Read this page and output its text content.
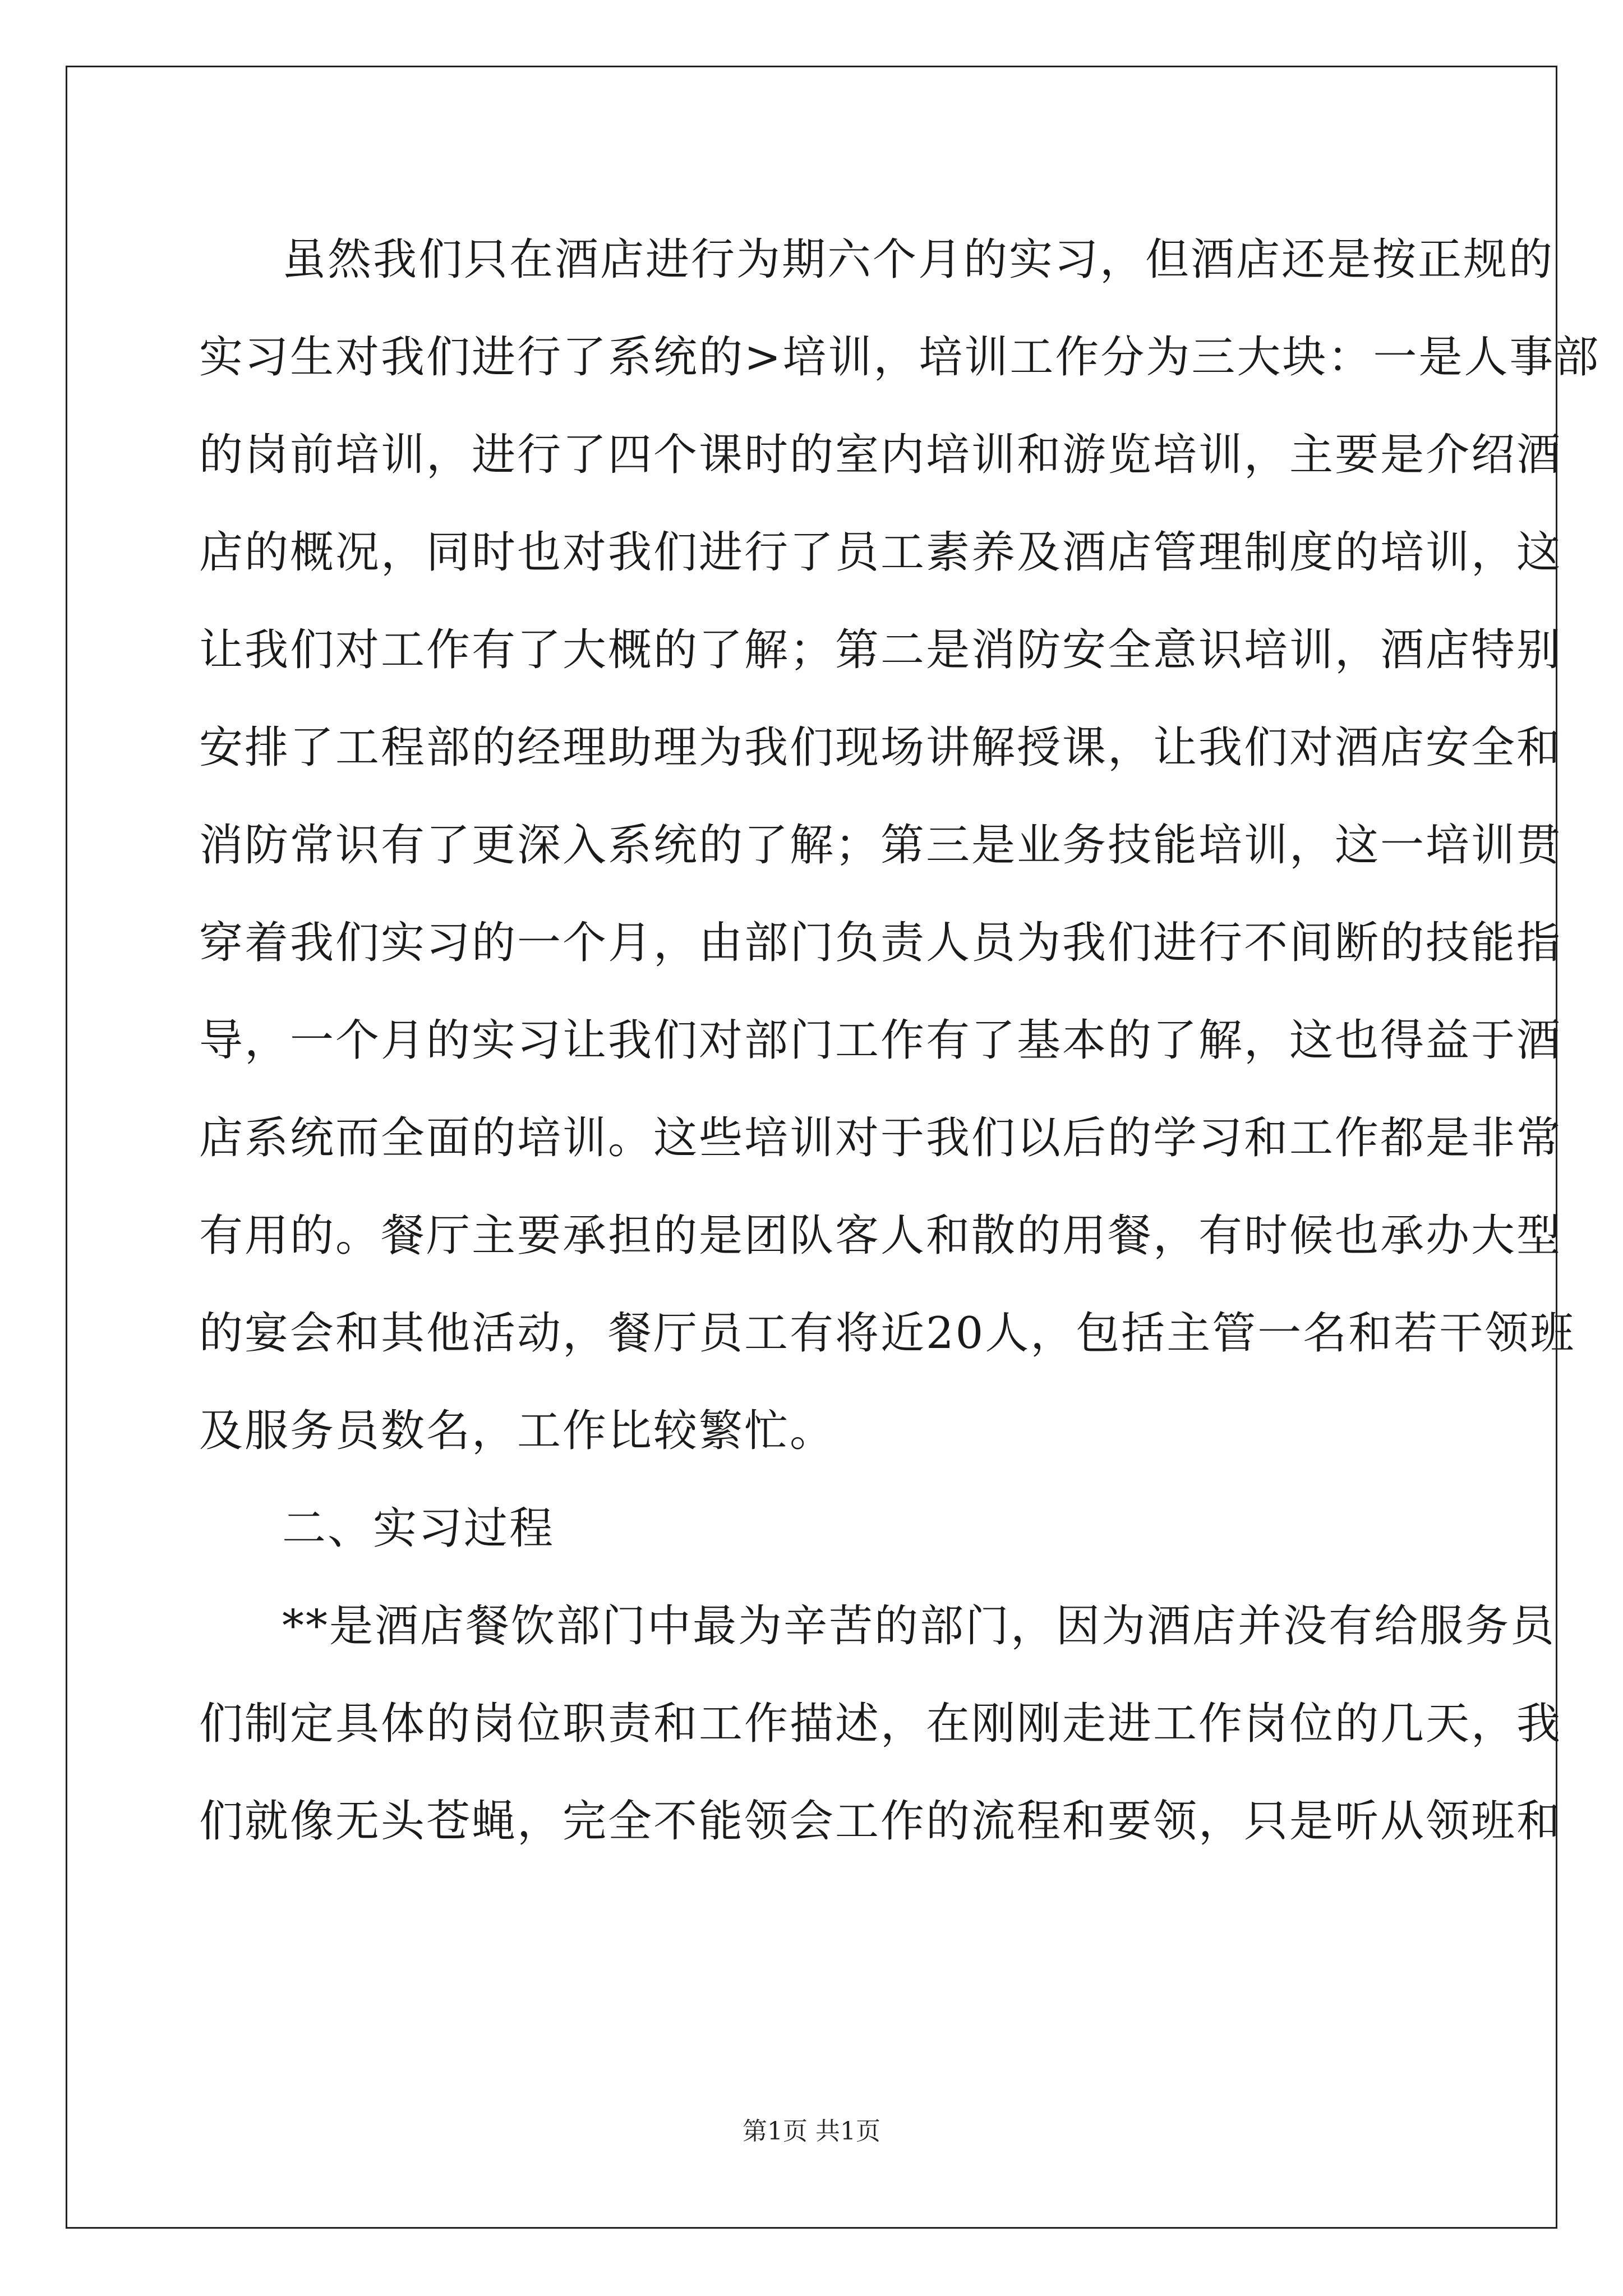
虽然我们只在酒店进行为期六个月的实习，但酒店还是按正规的
实习生对我们进行了系统的>培训，培训工作分为三大块：一是人事部
的岗前培训，进行了四个课时的室内培训和游览培训，主要是介绍酒
店的概况，同时也对我们进行了员工素养及酒店管理制度的培训，这
让我们对工作有了大概的了解；第二是消防安全意识培训，酒店特别
安排了工程部的经理助理为我们现场讲解授课，让我们对酒店安全和
消防常识有了更深入系统的了解；第三是业务技能培训，这一培训贯
穿着我们实习的一个月，由部门负责人员为我们进行不间断的技能指
导，一个月的实习让我们对部门工作有了基本的了解，这也得益于酒
店系统而全面的培训。这些培训对于我们以后的学习和工作都是非常
有用的。餐厅主要承担的是团队客人和散的用餐，有时候也承办大型
的宴会和其他活动，餐厅员工有将近20人，包括主管一名和若干领班
及服务员数名，工作比较繁忙。
二、实习过程
**是酒店餐饮部门中最为辛苦的部门，因为酒店并没有给服务员
们制定具体的岗位职责和工作描述，在刚刚走进工作岗位的几天，我
们就像无头苍蝇，完全不能领会工作的流程和要领，只是听从领班和
第1页 共1页
